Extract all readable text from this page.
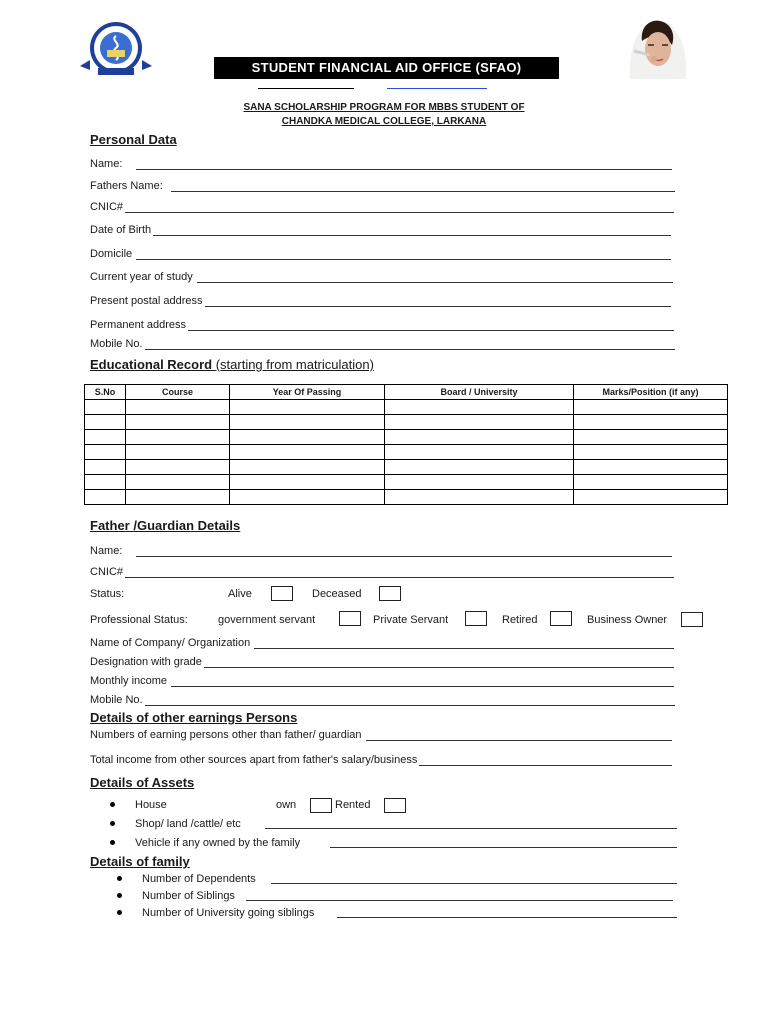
STUDENT FINANCIAL AID OFFICE (SFAO)
SANA SCHOLARSHIP PROGRAM FOR MBBS STUDENT OF
CHANDKA MEDICAL COLLEGE, LARKANA
Personal Data
Name:
Fathers Name:
CNIC#
Date of Birth
Domicile
Current year of study
Present postal address
Permanent address
Mobile No.
Educational Record (starting from matriculation)
S.No	Course	Year Of Passing	Board / University	Marks/Position (if any)

Father /Guardian Details
Name:
CNIC#
Status:	Alive	Deceased
Professional Status:	government servant	Private Servant	Retired	Business Owner
Name of Company/ Organization
Designation with grade
Monthly income
Mobile No.
Details of other earnings Persons
Numbers of earning persons other than father/ guardian
Total income from other sources apart from father's salary/business
Details of Assets
House	own	Rented
Shop/ land /cattle/ etc
Vehicle if any owned by the family
Details of family
Number of Dependents
Number of Siblings
Number of University going siblings
